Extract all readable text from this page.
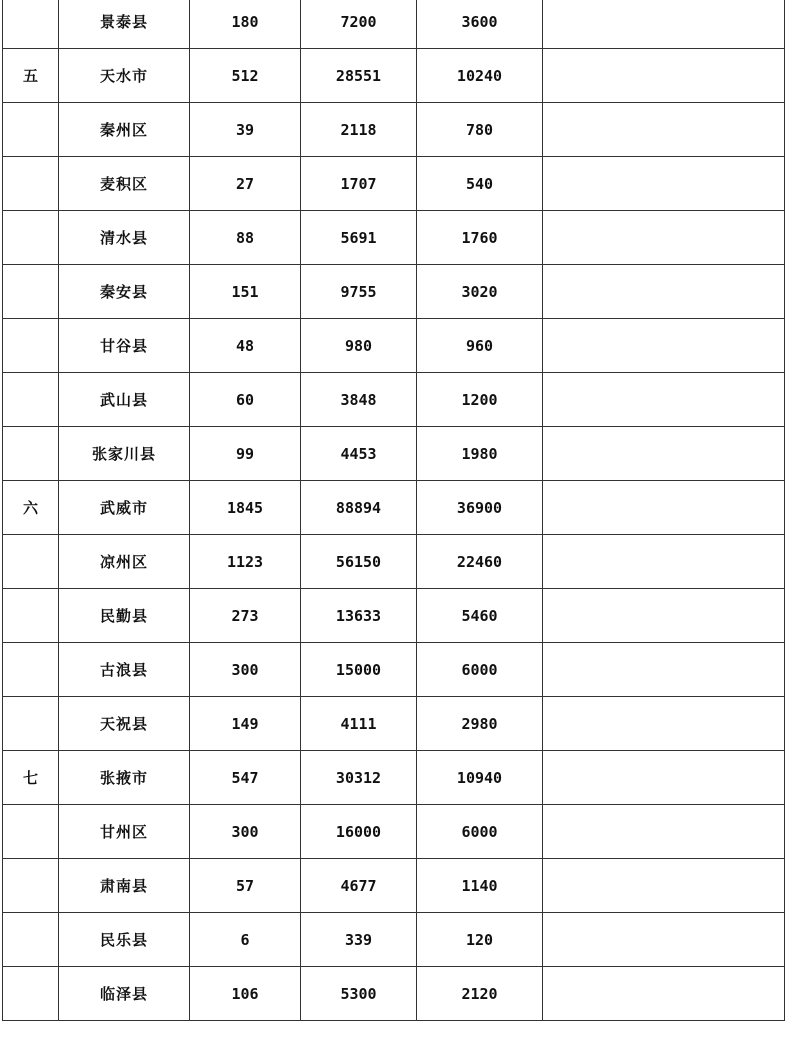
	景泰县	180	7200	3600	
五	天水市	512	28551	10240	
	秦州区	39	2118	780	
	麦积区	27	1707	540	
	清水县	88	5691	1760	
	秦安县	151	9755	3020	
	甘谷县	48	980	960	
	武山县	60	3848	1200	
	张家川县	99	4453	1980	
六	武威市	1845	88894	36900	
	凉州区	1123	56150	22460	
	民勤县	273	13633	5460	
	古浪县	300	15000	6000	
	天祝县	149	4111	2980	
七	张掖市	547	30312	10940	
	甘州区	300	16000	6000	
	肃南县	57	4677	1140	
	民乐县	6	339	120	
	临泽县	106	5300	2120	
